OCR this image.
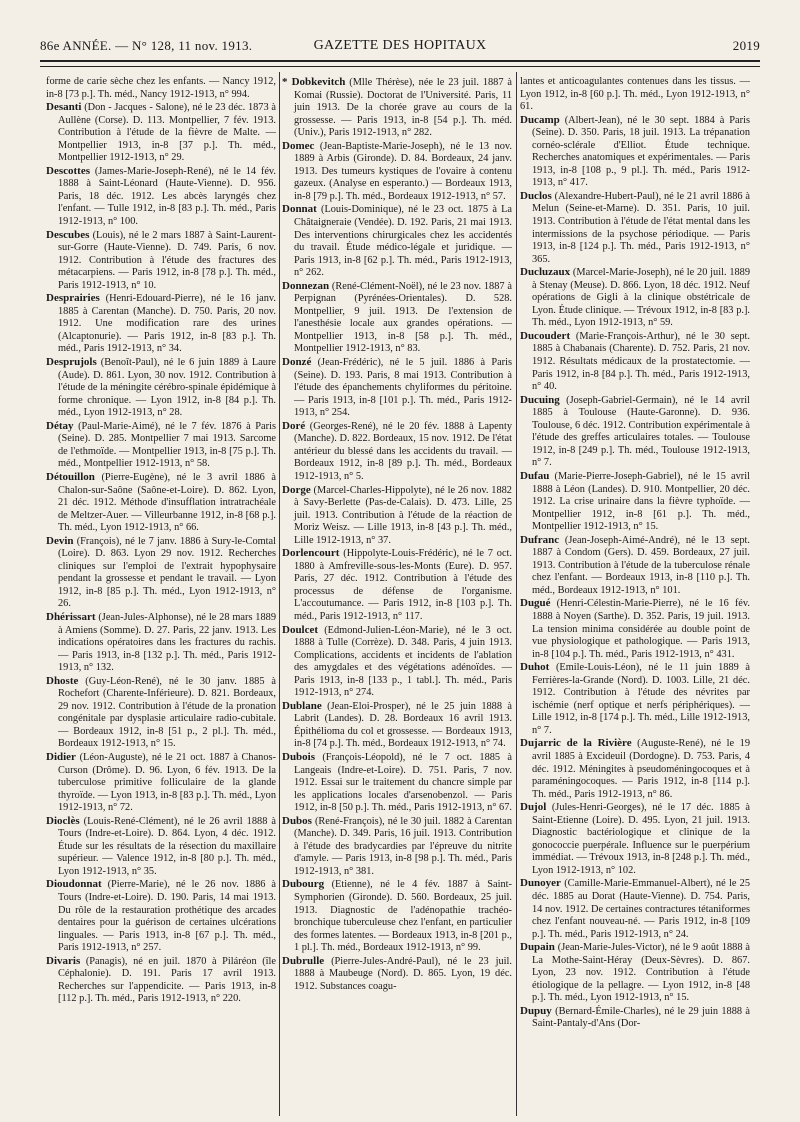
86e ANNÉE. — N° 128, 11 nov. 1913.	GAZETTE DES HOPITAUX	2019

forme de carie sèche chez les enfants. — Nancy 1912, in-8 [73 p.]. Th. méd., Nancy 1912-1913, n° 994.

Desanti (Don - Jacques - Salone), né le 23 déc. 1873 à Aullène (Corse). D. 113. Montpellier, 7 fév. 1913. Contribution à l'étude de la fièvre de Malte. — Montpellier 1913, in-8 [37 p.]. Th. méd., Montpellier 1912-1913, n° 29.

Descottes (James-Marie-Joseph-René), né le 14 fév. 1888 à Saint-Léonard (Haute-Vienne). D. 956. Paris, 18 déc. 1912. Les abcès laryngés chez l'enfant. — Tulle 1912, in-8 [83 p.]. Th. méd., Paris 1912-1913, n° 100.

Descubes (Louis), né le 2 mars 1887 à Saint-Laurent-sur-Gorre (Haute-Vienne). D. 749. Paris, 6 nov. 1912. Contribution à l'étude des fractures des métacarpiens. — Paris 1912, in-8 [78 p.]. Th. méd., Paris 1912-1913, n° 10.

Desprairies (Henri-Edouard-Pierre), né le 16 janv. 1885 à Carentan (Manche). D. 750. Paris, 20 nov. 1912. Une modification rare des urines (Alcaptonurie). — Paris 1912, in-8 [83 p.]. Th. méd., Paris 1912-1913, n° 34.

Desprujols (Benoît-Paul), né le 6 juin 1889 à Laure (Aude). D. 861. Lyon, 30 nov. 1912. Contribution à l'étude de la méningite cérébro-spinale épidémique à forme chronique. — Lyon 1912, in-8 [84 p.]. Th. méd., Lyon 1912-1913, n° 28.

Détay (Paul-Marie-Aimé), né le 7 fév. 1876 à Paris (Seine). D. 285. Montpellier 7 mai 1913. Sarcome de l'ethmoïde. — Montpellier 1913, in-8 [75 p.]. Th. méd., Montpellier 1912-1913, n° 58.

Détouillon (Pierre-Eugène), né le 3 avril 1886 à Chalon-sur-Saône (Saône-et-Loire). D. 862. Lyon, 21 déc. 1912. Méthode d'insufflation intratrachéale de Meltzer-Auer. — Villeurbanne 1912, in-8 [68 p.]. Th. méd., Lyon 1912-1913, n° 66.

Devin (François), né le 7 janv. 1886 à Sury-le-Comtal (Loire). D. 863. Lyon 29 nov. 1912. Recherches cliniques sur l'emploi de l'extrait hypophysaire pendant la grossesse et pendant le travail. — Lyon 1912, in-8 [85 p.]. Th. méd., Lyon 1912-1913, n° 26.

Dhérissart (Jean-Jules-Alphonse), né le 28 mars 1889 à Amiens (Somme). D. 27. Paris, 22 janv. 1913. Les indications opératoires dans les fractures du rachis. — Paris 1913, in-8 [132 p.]. Th. méd., Paris 1912-1913, n° 132.

Dhoste (Guy-Léon-René), né le 30 janv. 1885 à Rochefort (Charente-Inférieure). D. 821. Bordeaux, 29 nov. 1912. Contribution à l'étude de la pronation congénitale par dysplasie articulaire radio-cubitale. — Bordeaux 1912, in-8 [51 p., 2 pl.]. Th. méd., Bordeaux 1912-1913, n° 15.

Didier (Léon-Auguste), né le 21 oct. 1887 à Chanos-Curson (Drôme). D. 96. Lyon, 6 fév. 1913. De la tuberculose primitive folliculaire de la glande thyroïde. — Lyon 1913, in-8 [83 p.]. Th. méd., Lyon 1912-1913, n° 72.

Dioclès (Louis-René-Clément), né le 26 avril 1888 à Tours (Indre-et-Loire). D. 864. Lyon, 4 déc. 1912. Étude sur les résultats de la résection du maxillaire supérieur. — Valence 1912, in-8 [80 p.]. Th. méd., Lyon 1912-1913, n° 35.

Dioudonnat (Pierre-Marie), né le 26 nov. 1886 à Tours (Indre-et-Loire). D. 190. Paris, 14 mai 1913. Du rôle de la restauration prothétique des arcades dentaires pour la guérison de certaines ulcérations linguales. — Paris 1913, in-8 [67 p.]. Th. méd., Paris 1912-1913, n° 257.

Divaris (Panagis), né en juil. 1870 à Piláréon (île Céphalonie). D. 191. Paris 17 avril 1913. Recherches sur l'appendicite. — Paris 1913, in-8 [112 p.]. Th. méd., Paris 1912-1913, n° 220.

* Dobkevitch (Mlle Thérèse), née le 23 juil. 1887 à Komai (Russie). Doctorat de l'Université. Paris, 11 juin 1913. De la chorée grave au cours de la grossesse. — Paris 1913, in-8 [54 p.]. Th. méd. (Univ.), Paris 1912-1913, n° 282.

Domec (Jean-Baptiste-Marie-Joseph), né le 13 nov. 1889 à Arbis (Gironde). D. 84. Bordeaux, 24 janv. 1913. Des tumeurs kystiques de l'ovaire à contenu gazeux. (Analyse en esperanto.) — Bordeaux 1913, in-8 [79 p.]. Th. méd., Bordeaux 1912-1913, n° 57.

Donnat (Louis-Dominique), né le 23 oct. 1875 à La Châtaigneraie (Vendée). D. 192. Paris, 21 mai 1913. Des interventions chirurgicales chez les accidentés du travail. Étude médico-légale et juridique. — Paris 1913, in-8 [62 p.]. Th. méd., Paris 1912-1913, n° 262.

Donnezan (René-Clément-Noël), né le 23 nov. 1887 à Perpignan (Pyrénées-Orientales). D. 528. Montpellier, 9 juil. 1913. De l'extension de l'anesthésie locale aux grandes opérations. — Montpellier 1913, in-8 [58 p.]. Th. méd., Montpellier 1912-1913, n° 83.

Donzé (Jean-Frédéric), né le 5 juil. 1886 à Paris (Seine). D. 193. Paris, 8 mai 1913. Contribution à l'étude des épanchements chyliformes du péritoine. — Paris 1913, in-8 [101 p.]. Th. méd., Paris 1912-1913, n° 254.

Doré (Georges-René), né le 20 fév. 1888 à Lapenty (Manche). D. 822. Bordeaux, 15 nov. 1912. De l'état antérieur du blessé dans les accidents du travail. — Bordeaux 1912, in-8 [89 p.]. Th. méd., Bordeaux 1912-1913, n° 5.

Dorge (Marcel-Charles-Hippolyte), né le 26 nov. 1882 à Savy-Berlette (Pas-de-Calais). D. 473. Lille, 25 juil. 1913. Contribution à l'étude de la réaction de Moriz Weisz. — Lille 1913, in-8 [43 p.]. Th. méd., Lille 1912-1913, n° 37.

Dorlencourt (Hippolyte-Louis-Frédéric), né le 7 oct. 1880 à Amfreville-sous-les-Monts (Eure). D. 957. Paris, 27 déc. 1912. Contribution à l'étude des processus de défense de l'organisme. L'accoutumance. — Paris 1912, in-8 [103 p.]. Th. méd., Paris 1912-1913, n° 117.

Doulcet (Edmond-Julien-Léon-Marie), né le 3 oct. 1888 à Tulle (Corrèze). D. 348. Paris, 4 juin 1913. Complications, accidents et incidents de l'ablation des amygdales et des végétations adénoïdes. — Paris 1913, in-8 [133 p., 1 tabl.]. Th. méd., Paris 1912-1913, n° 274.

Dublane (Jean-Eloi-Prosper), né le 25 juin 1888 à Labrit (Landes). D. 28. Bordeaux 16 avril 1913. Épithélioma du col et grossesse. — Bordeaux 1913, in-8 [74 p.]. Th. méd., Bordeaux 1912-1913, n° 74.

Dubois (François-Léopold), né le 7 oct. 1885 à Langeais (Indre-et-Loire). D. 751. Paris, 7 nov. 1912. Essai sur le traitement du chancre simple par les applications locales d'arsenobenzol. — Paris 1912, in-8 [50 p.]. Th. méd., Paris 1912-1913, n° 67.

Dubos (René-François), né le 30 juil. 1882 à Carentan (Manche). D. 349. Paris, 16 juil. 1913. Contribution à l'étude des bradycardies par l'épreuve du nitrite d'amyle. — Paris 1913, in-8 [98 p.]. Th. méd., Paris 1912-1913, n° 381.

Dubourg (Etienne), né le 4 fév. 1887 à Saint-Symphorien (Gironde). D. 560. Bordeaux, 25 juil. 1913. Diagnostic de l'adénopathie trachéo-bronchique tuberculeuse chez l'enfant, en particulier des formes latentes. — Bordeaux 1913, in-8 [201 p., 1 pl.]. Th. méd., Bordeaux 1912-1913, n° 99.

Dubrulle (Pierre-Jules-André-Paul), né le 23 juil. 1888 à Maubeuge (Nord). D. 865. Lyon, 19 déc. 1912. Substances coagu-

lantes et anticoagulantes contenues dans les tissus. — Lyon 1912, in-8 [60 p.]. Th. méd., Lyon 1912-1913, n° 61.

Ducamp (Albert-Jean), né le 30 sept. 1884 à Paris (Seine). D. 350. Paris, 18 juil. 1913. La trépanation cornéo-sclérale d'Elliot. Étude technique. Recherches anatomiques et expérimentales. — Paris 1913, in-8 [108 p., 9 pl.]. Th. méd., Paris 1912-1913, n° 417.

Duclos (Alexandre-Hubert-Paul), né le 21 avril 1886 à Melun (Seine-et-Marne). D. 351. Paris, 10 juil. 1913. Contribution à l'étude de l'état mental dans les intermissions de la psychose périodique. — Paris 1913, in-8 [124 p.]. Th. méd., Paris 1912-1913, n° 365.

Ducluzaux (Marcel-Marie-Joseph), né le 20 juil. 1889 à Stenay (Meuse). D. 866. Lyon, 18 déc. 1912. Neuf opérations de Gigli à la clinique obstétricale de Lyon. Étude clinique. — Trévoux 1912, in-8 [83 p.]. Th. méd., Lyon 1912-1913, n° 59.

Ducoudert (Marie-François-Arthur), né le 30 sept. 1885 à Chabanais (Charente). D. 752. Paris, 21 nov. 1912. Résultats médicaux de la prostatectomie. — Paris 1912, in-8 [84 p.]. Th. méd., Paris 1912-1913, n° 40.

Ducuing (Joseph-Gabriel-Germain), né le 14 avril 1885 à Toulouse (Haute-Garonne). D. 936. Toulouse, 6 déc. 1912. Contribution expérimentale à l'étude des greffes articulaires totales. — Toulouse 1912, in-8 [249 p.]. Th. méd., Toulouse 1912-1913, n° 7.

Dufau (Marie-Pierre-Joseph-Gabriel), né le 15 avril 1888 à Léon (Landes). D. 910. Montpellier, 20 déc. 1912. La crise urinaire dans la fièvre typhoïde. — Montpellier 1912, in-8 [61 p.]. Th. méd., Montpellier 1912-1913, n° 15.

Dufranc (Jean-Joseph-Aimé-André), né le 13 sept. 1887 à Condom (Gers). D. 459. Bordeaux, 27 juil. 1913. Contribution à l'étude de la tuberculose rénale chez l'enfant. — Bordeaux 1913, in-8 [110 p.]. Th. méd., Bordeaux 1912-1913, n° 101.

Dugué (Henri-Célestin-Marie-Pierre), né le 16 fév. 1888 à Noyen (Sarthe). D. 352. Paris, 19 juil. 1913. La tension minima considérée au double point de vue physiologique et pathologique. — Paris 1913, in-8 [104 p.]. Th. méd., Paris 1912-1913, n° 431.

Duhot (Emile-Louis-Léon), né le 11 juin 1889 à Ferrières-la-Grande (Nord). D. 1003. Lille, 21 déc. 1912. Contribution à l'étude des névrites par ischémie (nerf optique et nerfs périphériques). — Lille 1912, in-8 [174 p.]. Th. méd., Lille 1912-1913, n° 7.

Dujarric de la Rivière (Auguste-René), né le 19 avril 1885 à Excideuil (Dordogne). D. 753. Paris, 4 déc. 1912. Méningites à pseudoméningocoques et à paraméningocoques. — Paris 1912, in-8 [114 p.]. Th. méd., Paris 1912-1913, n° 86.

Dujol (Jules-Henri-Georges), né le 17 déc. 1885 à Saint-Etienne (Loire). D. 495. Lyon, 21 juil. 1913. Diagnostic bactériologique et clinique de la gonococcie puerpérale. Influence sur le puerpérium immédiat. — Trévoux 1913, in-8 [248 p.]. Th. méd., Lyon 1912-1913, n° 102.

Dunoyer (Camille-Marie-Emmanuel-Albert), né le 25 déc. 1885 au Dorat (Haute-Vienne). D. 754. Paris, 14 nov. 1912. De certaines contractures tétaniformes chez l'enfant nouveau-né. — Paris 1912, in-8 [109 p.]. Th. méd., Paris 1912-1913, n° 24.

Dupain (Jean-Marie-Jules-Victor), né le 9 août 1888 à La Mothe-Saint-Héray (Deux-Sèvres). D. 867. Lyon, 23 nov. 1912. Contribution à l'étude étiologique de la pellagre. — Lyon 1912, in-8 [48 p.]. Th. méd., Lyon 1912-1913, n° 15.

Dupuy (Bernard-Émile-Charles), né le 29 juin 1888 à Saint-Pantaly-d'Ans (Dor-
